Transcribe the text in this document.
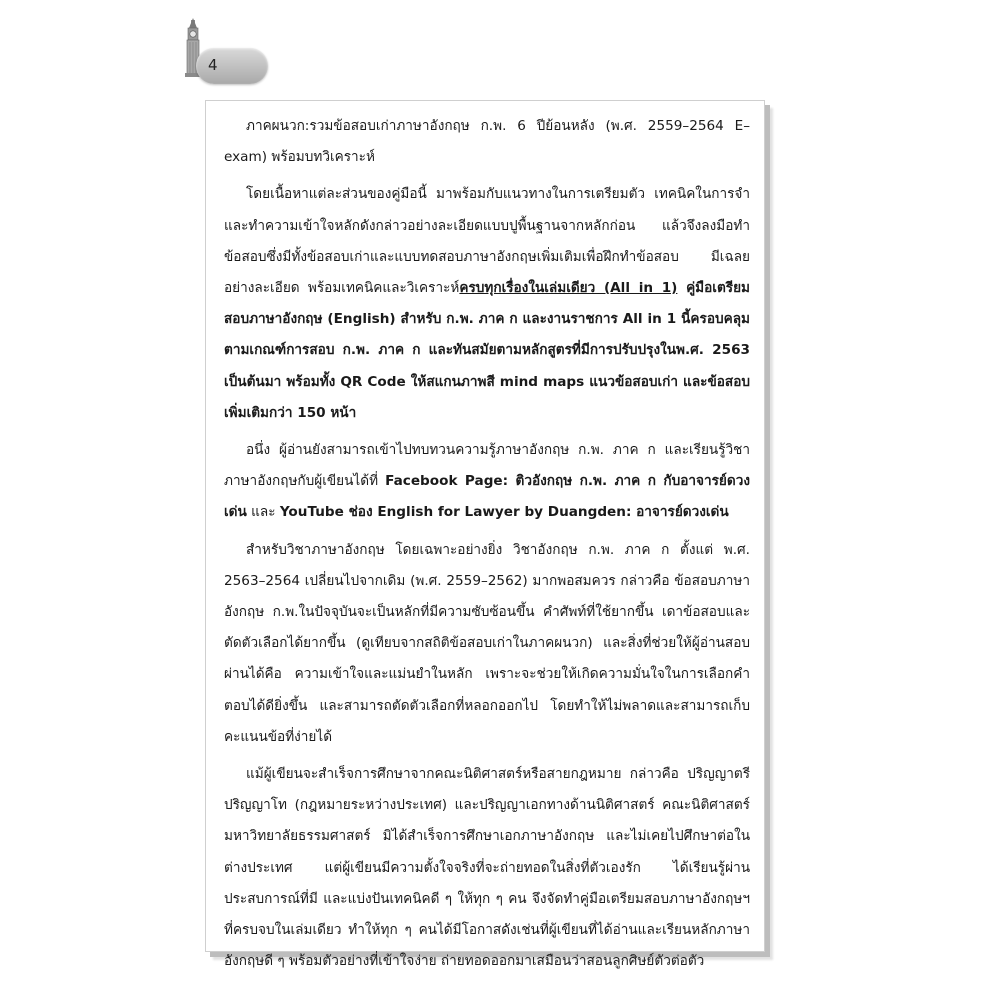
4

ภาคผนวก:รวมข้อสอบเก่าภาษาอังกฤษ ก.พ. 6 ปีย้อนหลัง (พ.ศ. 2559–2564 E–exam) พร้อมบทวิเคราะห์

โดยเนื้อหาแต่ละส่วนของคู่มือนี้ มาพร้อมกับแนวทางในการเตรียมตัว เทคนิคในการจำและทำความเข้าใจหลักดังกล่าวอย่างละเอียดแบบปูพื้นฐานจากหลักก่อน แล้วจึงลงมือทำข้อสอบซึ่งมีทั้งข้อสอบเก่าและแบบทดสอบภาษาอังกฤษเพิ่มเติมเพื่อฝึกทำข้อสอบ มีเฉลยอย่างละเอียด พร้อมเทคนิคและวิเคราะห์ครบทุกเรื่องในเล่มเดียว (All in 1) คู่มือเตรียมสอบภาษาอังกฤษ (English) สำหรับ ก.พ. ภาค ก และงานราชการ All in 1 นี้ครอบคลุมตามเกณฑ์การสอบ ก.พ. ภาค ก และทันสมัยตามหลักสูตรที่มีการปรับปรุงในพ.ศ. 2563 เป็นต้นมา พร้อมทั้ง QR Code ให้สแกนภาพสี mind maps แนวข้อสอบเก่า และข้อสอบเพิ่มเติมกว่า 150 หน้า

อนึ่ง ผู้อ่านยังสามารถเข้าไปทบทวนความรู้ภาษาอังกฤษ ก.พ. ภาค ก และเรียนรู้วิชาภาษาอังกฤษกับผู้เขียนได้ที่ Facebook Page: ติวอังกฤษ ก.พ. ภาค ก กับอาจารย์ดวงเด่น และ YouTube ช่อง English for Lawyer by Duangden: อาจารย์ดวงเด่น

สำหรับวิชาภาษาอังกฤษ โดยเฉพาะอย่างยิ่ง วิชาอังกฤษ ก.พ. ภาค ก ตั้งแต่ พ.ศ. 2563–2564 เปลี่ยนไปจากเดิม (พ.ศ. 2559–2562) มากพอสมควร กล่าวคือ ข้อสอบภาษาอังกฤษ ก.พ.ในปัจจุบันจะเป็นหลักที่มีความซับซ้อนขึ้น คำศัพท์ที่ใช้ยากขึ้น เดาข้อสอบและตัดตัวเลือกได้ยากขึ้น (ดูเทียบจากสถิติข้อสอบเก่าในภาคผนวก) และสิ่งที่ช่วยให้ผู้อ่านสอบผ่านได้คือ ความเข้าใจและแม่นยำในหลัก เพราะจะช่วยให้เกิดความมั่นใจในการเลือกคำตอบได้ดียิ่งขึ้น และสามารถตัดตัวเลือกที่หลอกออกไป โดยทำให้ไม่พลาดและสามารถเก็บคะแนนข้อที่ง่ายได้

แม้ผู้เขียนจะสำเร็จการศึกษาจากคณะนิติศาสตร์หรือสายกฎหมาย กล่าวคือ ปริญญาตรี ปริญญาโท (กฎหมายระหว่างประเทศ) และปริญญาเอกทางด้านนิติศาสตร์ คณะนิติศาสตร์ มหาวิทยาลัยธรรมศาสตร์ มิได้สำเร็จการศึกษาเอกภาษาอังกฤษ และไม่เคยไปศึกษาต่อในต่างประเทศ แต่ผู้เขียนมีความตั้งใจจริงที่จะถ่ายทอดในสิ่งที่ตัวเองรัก ได้เรียนรู้ผ่านประสบการณ์ที่มี และแบ่งปันเทคนิคดี ๆ ให้ทุก ๆ คน จึงจัดทำคู่มือเตรียมสอบภาษาอังกฤษฯ ที่ครบจบในเล่มเดียว ทำให้ทุก ๆ คนได้มีโอกาสดังเช่นที่ผู้เขียนที่ได้อ่านและเรียนหลักภาษาอังกฤษดี ๆ พร้อมตัวอย่างที่เข้าใจง่าย ถ่ายทอดออกมาเสมือนว่าสอนลูกศิษย์ตัวต่อตัว
